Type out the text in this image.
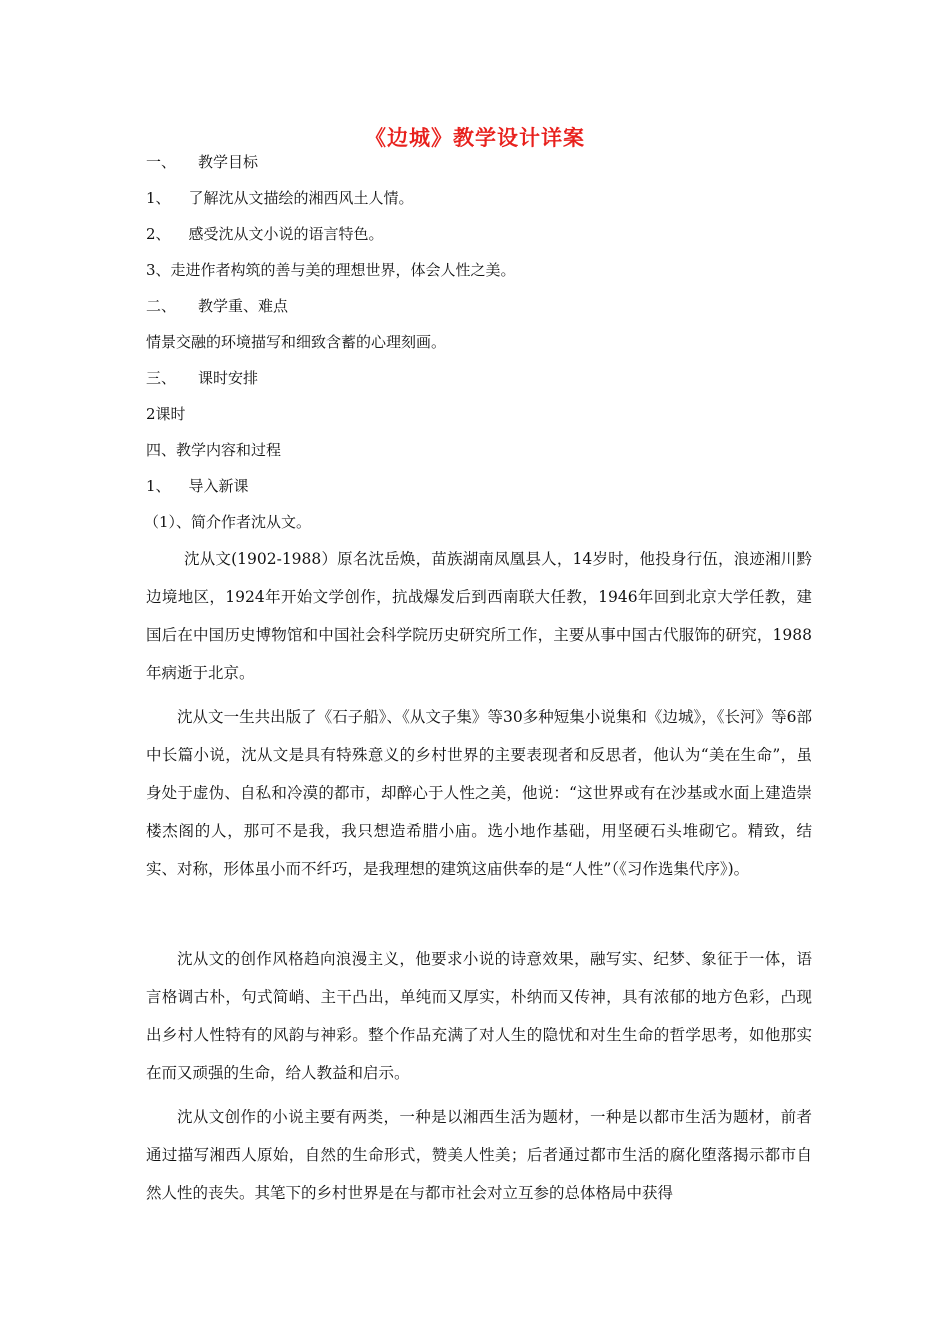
《边城》教学设计详案
一、 教学目标
1、 了解沈从文描绘的湘西风土人情。
2、 感受沈从文小说的语言特色。
3、走进作者构筑的善与美的理想世界，体会人性之美。
二、 教学重、难点
情景交融的环境描写和细致含蓄的心理刻画。
三、 课时安排
2课时
四、教学内容和过程
1、 导入新课
（1）、简介作者沈从文。

沈从文(1902-1988）原名沈岳焕，苗族湖南凤凰县人，14岁时，他投身行伍，浪迹湘川黔边境地区，1924年开始文学创作，抗战爆发后到西南联大任教，1946年回到北京大学任教，建国后在中国历史博物馆和中国社会科学院历史研究所工作，主要从事中国古代服饰的研究，1988年病逝于北京。

沈从文一生共出版了《石子船》、《从文子集》等30多种短集小说集和《边城》，《长河》等6部中长篇小说，沈从文是具有特殊意义的乡村世界的主要表现者和反思者，他认为“美在生命”，虽身处于虚伪、自私和冷漠的都市，却醉心于人性之美，他说：“这世界或有在沙基或水面上建造崇楼杰阁的人，那可不是我，我只想造希腊小庙。选小地作基础，用坚硬石头堆砌它。精致，结实、对称，形体虽小而不纤巧，是我理想的建筑这庙供奉的是“人性”（《习作选集代序》)。

沈从文的创作风格趋向浪漫主义，他要求小说的诗意效果，融写实、纪梦、象征于一体，语言格调古朴，句式简峭、主干凸出，单纯而又厚实，朴纳而又传神，具有浓郁的地方色彩，凸现出乡村人性特有的风韵与神彩。整个作品充满了对人生的隐忧和对生生命的哲学思考，如他那实在而又顽强的生命，给人教益和启示。

沈从文创作的小说主要有两类，一种是以湘西生活为题材，一种是以都市生活为题材，前者通过描写湘西人原始，自然的生命形式，赞美人性美；后者通过都市生活的腐化堕落揭示都市自然人性的丧失。其笔下的乡村世界是在与都市社会对立互参的总体格局中获得
